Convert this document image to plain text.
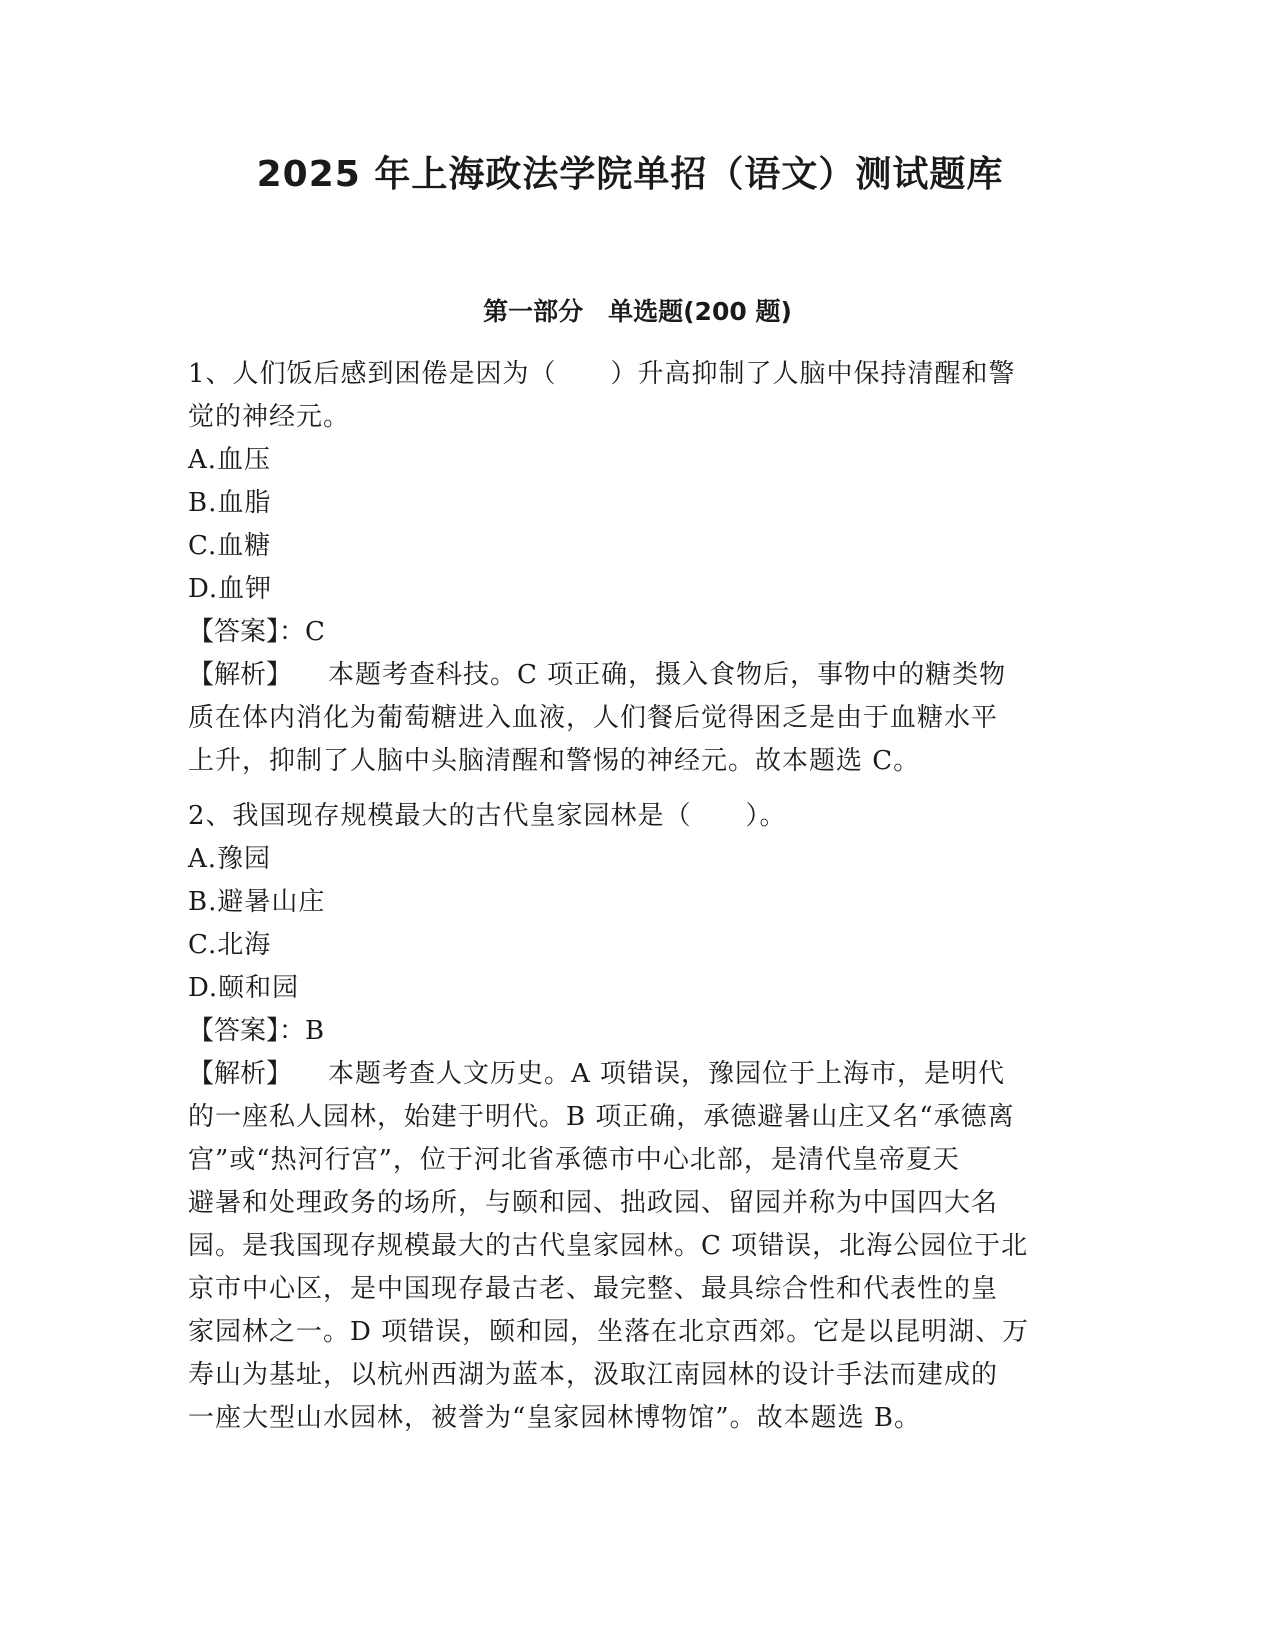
2025 年上海政法学院单招（语文）测试题库
第一部分　单选题(200 题)
1、人们饭后感到困倦是因为（　　）升高抑制了人脑中保持清醒和警
觉的神经元。
A.血压
B.血脂
C.血糖
D.血钾
【答案】：C
【解析】 本题考查科技。C 项正确，摄入食物后，事物中的糖类物
质在体内消化为葡萄糖进入血液，人们餐后觉得困乏是由于血糖水平
上升，抑制了人脑中头脑清醒和警惕的神经元。故本题选 C。
2、我国现存规模最大的古代皇家园林是（　　）。
A.豫园
B.避暑山庄
C.北海
D.颐和园
【答案】：B
【解析】 本题考查人文历史。A 项错误，豫园位于上海市，是明代
的一座私人园林，始建于明代。B 项正确，承德避暑山庄又名“承德离
宫”或“热河行宫”，位于河北省承德市中心北部，是清代皇帝夏天
避暑和处理政务的场所，与颐和园、拙政园、留园并称为中国四大名
园。是我国现存规模最大的古代皇家园林。C 项错误，北海公园位于北
京市中心区，是中国现存最古老、最完整、最具综合性和代表性的皇
家园林之一。D 项错误，颐和园，坐落在北京西郊。它是以昆明湖、万
寿山为基址，以杭州西湖为蓝本，汲取江南园林的设计手法而建成的
一座大型山水园林，被誉为“皇家园林博物馆”。故本题选 B。
